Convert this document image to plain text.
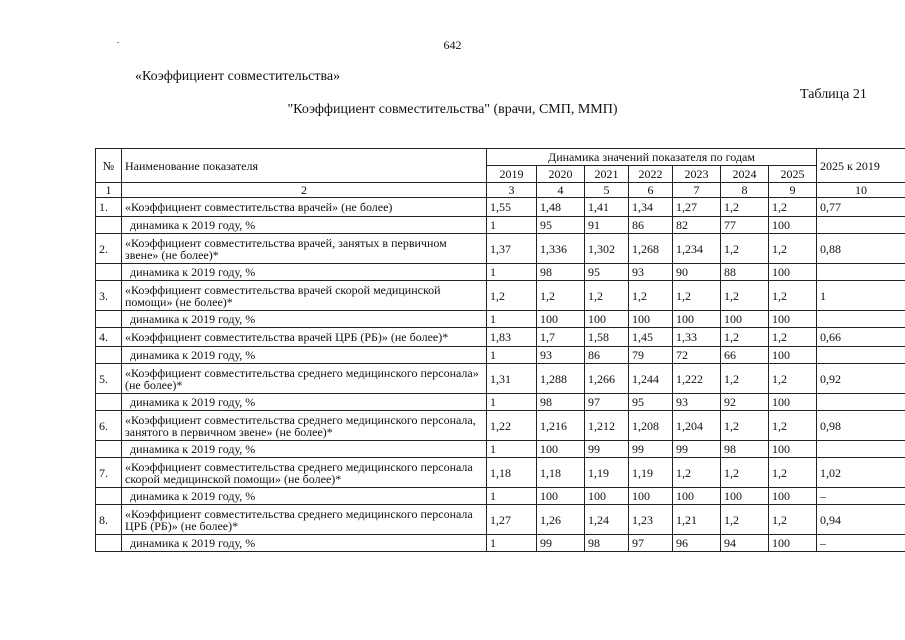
642
«Коэффициент совместительства»
Таблица 21
"Коэффициент совместительства" (врачи, СМП, ММП)
№	Наименование показателя	Динамика значений показателя по годам							2025 к 2019
		2019	2020	2021	2022	2023	2024	2025	
1	2	3	4	5	6	7	8	9	10
1.	«Коэффициент совместительства врачей» (не более)	1,55	1,48	1,41	1,34	1,27	1,2	1,2	0,77
	динамика к 2019 году, %	1	95	91	86	82	77	100	
2.	«Коэффициент совместительства врачей, занятых в первичном звене» (не более)*	1,37	1,336	1,302	1,268	1,234	1,2	1,2	0,88
	динамика к 2019 году, %	1	98	95	93	90	88	100	
3.	«Коэффициент совместительства врачей скорой медицинской помощи» (не более)*	1,2	1,2	1,2	1,2	1,2	1,2	1,2	1
	динамика к 2019 году, %	1	100	100	100	100	100	100	
4.	«Коэффициент совместительства врачей ЦРБ (РБ)» (не более)*	1,83	1,7	1,58	1,45	1,33	1,2	1,2	0,66
	динамика к 2019 году, %	1	93	86	79	72	66	100	
5.	«Коэффициент совместительства среднего медицинского персонала» (не более)*	1,31	1,288	1,266	1,244	1,222	1,2	1,2	0,92
	динамика к 2019 году, %	1	98	97	95	93	92	100	
6.	«Коэффициент совместительства среднего медицинского персонала, занятого в первичном звене» (не более)*	1,22	1,216	1,212	1,208	1,204	1,2	1,2	0,98
	динамика к 2019 году, %	1	100	99	99	99	98	100	
7.	«Коэффициент совместительства среднего медицинского персонала скорой медицинской помощи» (не более)*	1,18	1,18	1,19	1,19	1,2	1,2	1,2	1,02
	динамика к 2019 году, %	1	100	100	100	100	100	100	–
8.	«Коэффициент совместительства среднего медицинского персонала ЦРБ (РБ)» (не более)*	1,27	1,26	1,24	1,23	1,21	1,2	1,2	0,94
	динамика к 2019 году, %	1	99	98	97	96	94	100	–
